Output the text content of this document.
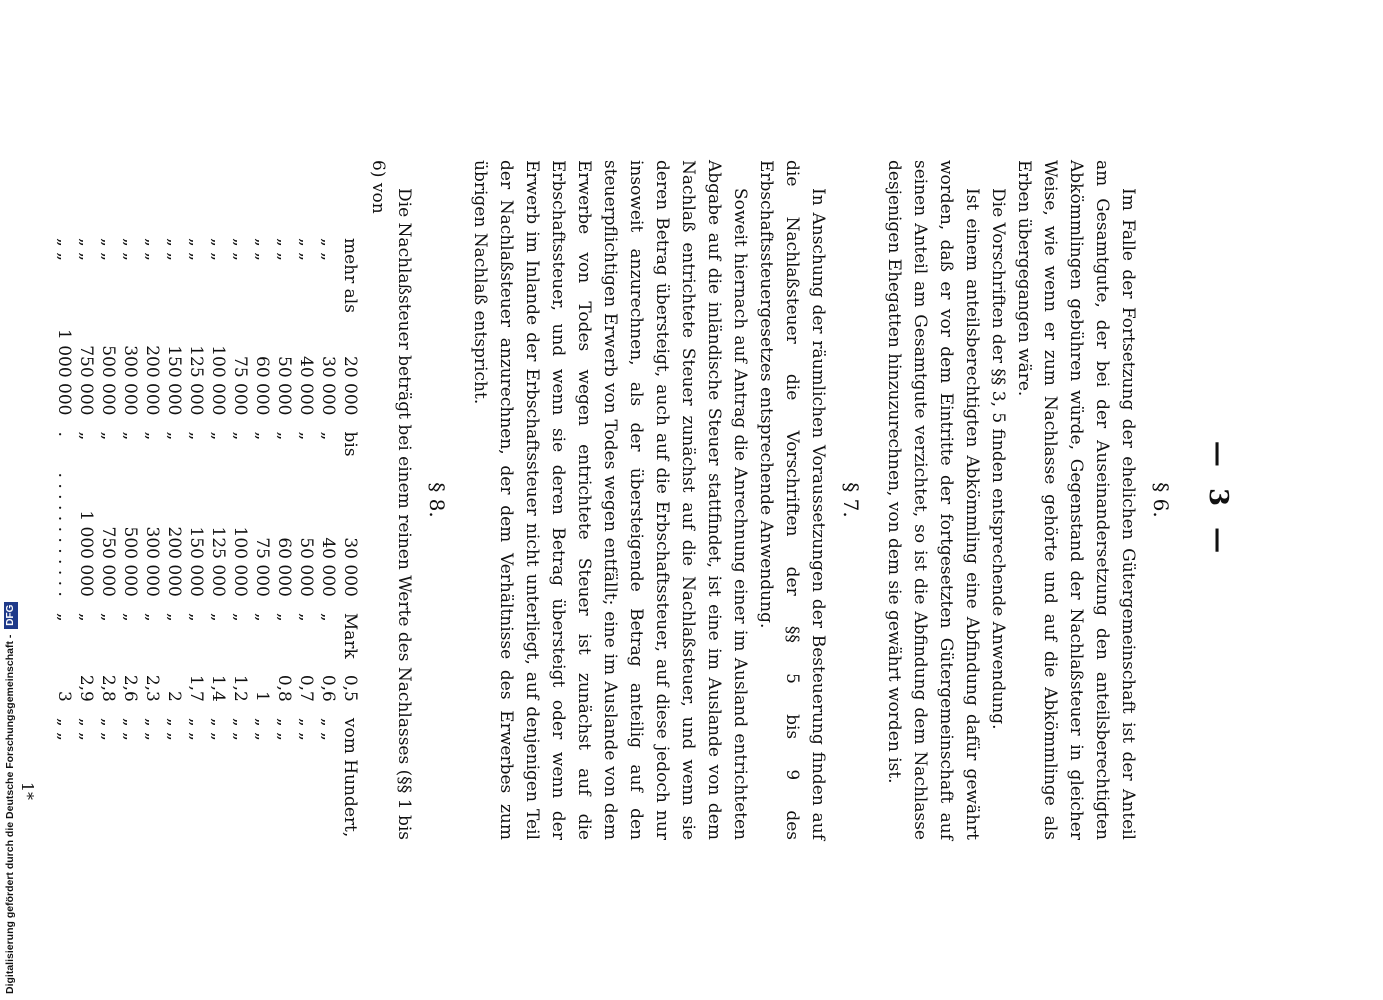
— 3 —
§ 6.

Im Falle der Fortsetzung der ehelichen Gütergemeinschaft ist der Anteil am Gesamtgute, der bei der Auseinandersetzung den anteilsberechtigten Abkömmlingen gebühren würde, Gegenstand der Nachlaßsteuer in gleicher Weise, wie wenn er zum Nachlasse gehörte und auf die Abkömmlinge als Erben übergegangen wäre.

Die Vorschriften der §§ 3, 5 finden entsprechende Anwendung.

Ist einem anteilsberechtigten Abkömmling eine Abfindung dafür gewährt worden, daß er vor dem Eintritte der fortgesetzten Gütergemeinschaft auf seinen Anteil am Gesamtgute verzichtet, so ist die Abfindung dem Nachlasse desjenigen Ehegatten hinzuzurechnen, von dem sie gewährt worden ist.

§ 7.

In Anschung der räumlichen Voraussetzungen der Besteuerung finden auf die Nachlaßsteuer die Vorschriften der §§ 5 bis 9 des Erbschaftssteuergesetzes entsprechende Anwendung.

Soweit hiernach auf Antrag die Anrechnung einer im Ausland entrichteten Abgabe auf die inländische Steuer stattfindet, ist eine im Auslande von dem Nachlaß entrichtete Steuer zunächst auf die Nachlaßsteuer, und wenn sie deren Betrag übersteigt, auch auf die Erbschaftssteuer, auf diese jedoch nur insoweit anzurechnen, als der übersteigende Betrag anteilig auf den steuerpflichtigen Erwerb von Todes wegen entfällt; eine im Auslande von dem Erwerbe von Todes wegen entrichtete Steuer ist zunächst auf die Erbschaftssteuer, und wenn sie deren Betrag übersteigt oder wenn der Erwerb im Inlande der Erbschaftssteuer nicht unterliegt, auf denjenigen Teil der Nachlaßsteuer anzurechnen, der dem Verhältnisse des Erwerbes zum übrigen Nachlaß entspricht.

§ 8.

Die Nachlaßsteuer beträgt bei einem reinen Werte des Nachlasses (§§ 1 bis 6) von

mehr als	20 000	bis	30 000	Mark	0,5	vom Hundert,
„ „	30 000	„	40 000	„	0,6	„ „
„ „	40 000	„	50 000	„	0,7	„ „
„ „	50 000	„	60 000	„	0,8	„ „
„ „	60 000	„	75 000	„	1	„ „
„ „	75 000	„	100 000	„	1,2	„ „
„ „	100 000	„	125 000	„	1,4	„ „
„ „	125 000	„	150 000	„	1,7	„ „
„ „	150 000	„	200 000	„	2	„ „
„ „	200 000	„	300 000	„	2,3	„ „
„ „	300 000	„	500 000	„	2,6	„ „
„ „	500 000	„	750 000	„	2,8	„ „
„ „	750 000	„	1 000 000	„	2,9	„ „
„ „	1 000 000	.	. . . . . . . . . . . .	„	3	„ „
1*
Digitalisierung gefördert durch die Deutsche Forschungsgemeinschaft - DFG
